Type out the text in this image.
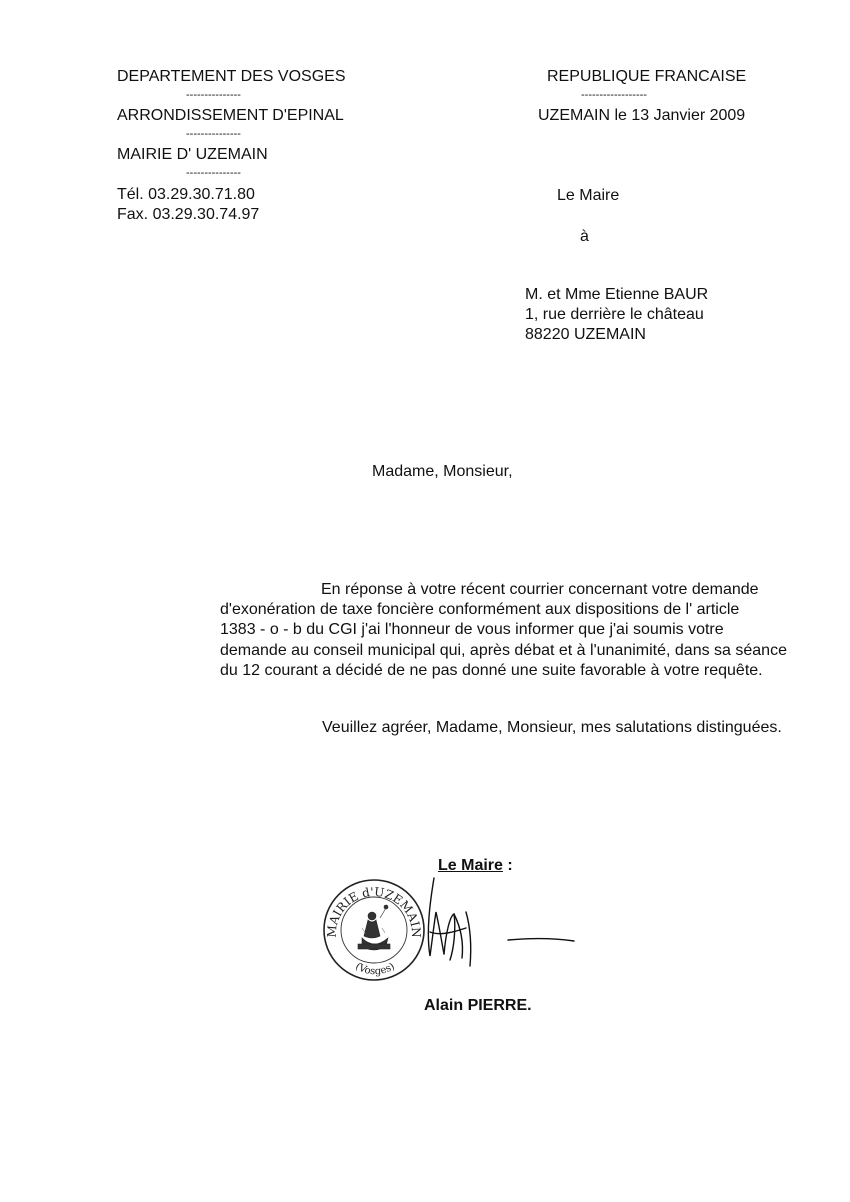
DEPARTEMENT DES VOSGES
---------------
ARRONDISSEMENT D'EPINAL
---------------
MAIRIE D' UZEMAIN
---------------
Tél. 03.29.30.71.80
Fax. 03.29.30.74.97
REPUBLIQUE FRANCAISE
------------------
UZEMAIN le 13 Janvier 2009
Le Maire
à
M. et Mme Etienne BAUR
1, rue derrière le château
88220 UZEMAIN
Madame, Monsieur,
En réponse à votre récent courrier concernant votre demande
d'exonération de taxe foncière conformément aux dispositions de l' article
1383 - o - b du CGI j'ai l'honneur de vous informer que j'ai soumis votre
demande au conseil municipal qui, après débat et à l'unanimité, dans sa séance
du 12 courant a décidé de ne pas donné une suite favorable à votre requête.
Veuillez agréer, Madame, Monsieur, mes salutations distinguées.
Le Maire :
MAIRIE d'UZEMAIN
(Vosges)
Alain PIERRE.
